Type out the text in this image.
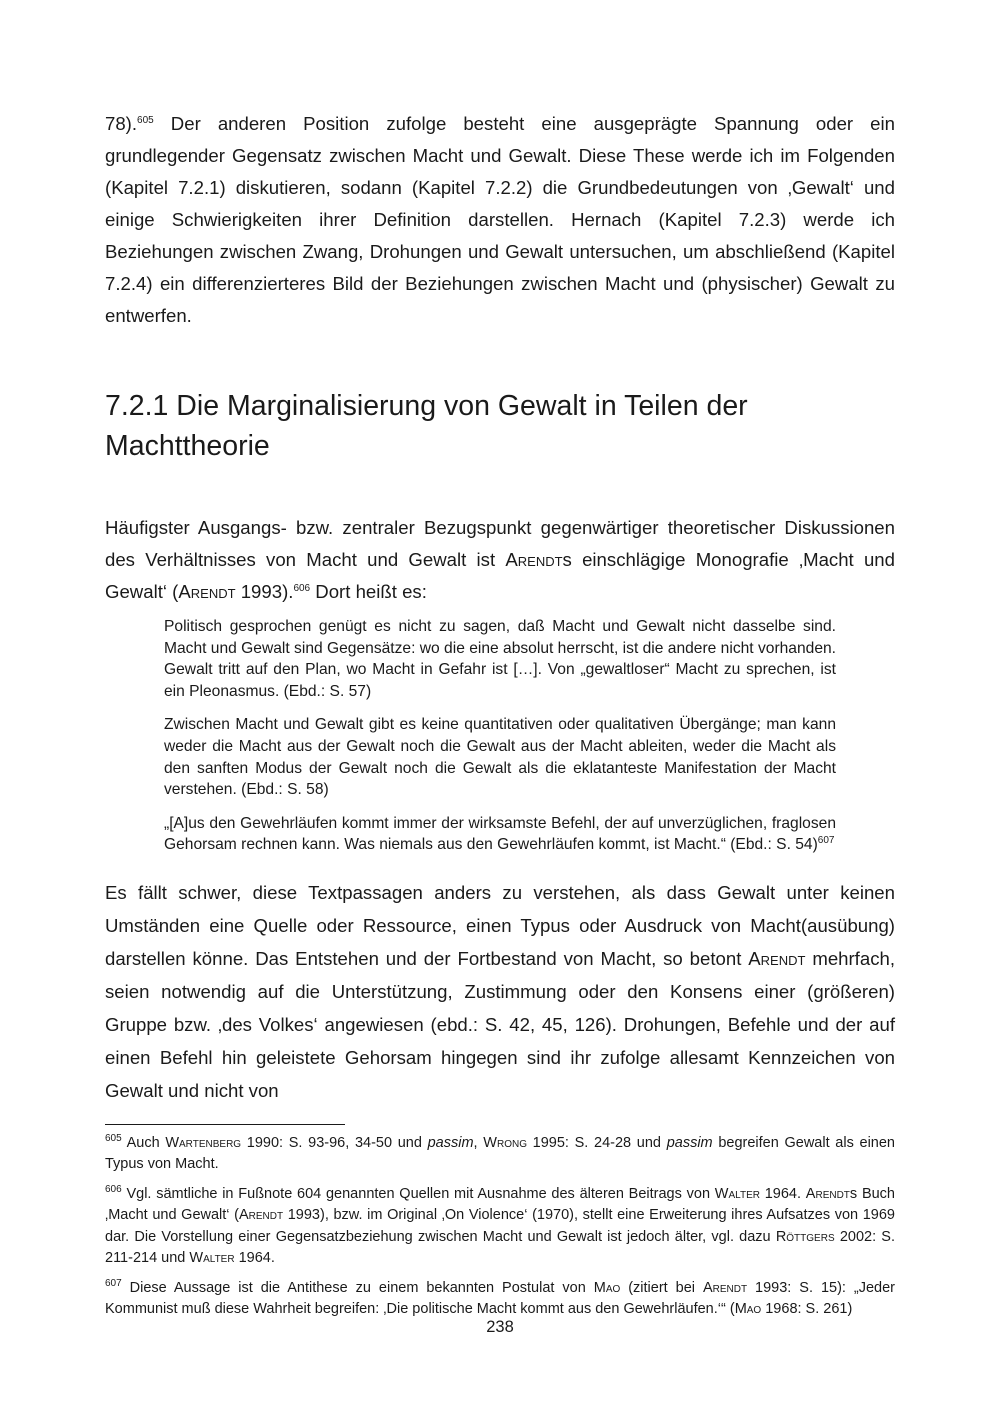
78).$^{605}$ Der anderen Position zufolge besteht eine ausgeprägte Spannung oder ein grundlegender Gegensatz zwischen Macht und Gewalt. Diese These werde ich im Folgenden (Kapitel 7.2.1) diskutieren, sodann (Kapitel 7.2.2) die Grundbedeutungen von ‚Gewalt‘ und einige Schwierigkeiten ihrer Definition darstellen. Hernach (Kapitel 7.2.3) werde ich Beziehungen zwischen Zwang, Drohungen und Gewalt untersuchen, um abschließend (Kapitel 7.2.4) ein differenzierteres Bild der Beziehungen zwischen Macht und (physischer) Gewalt zu entwerfen.

7.2.1 Die Marginalisierung von Gewalt in Teilen der Machttheorie

Häufigster Ausgangs- bzw. zentraler Bezugspunkt gegenwärtiger theoretischer Diskussionen des Verhältnisses von Macht und Gewalt ist Arendts einschlägige Monografie ‚Macht und Gewalt‘ (Arendt 1993).$^{606}$ Dort heißt es:

Politisch gesprochen genügt es nicht zu sagen, daß Macht und Gewalt nicht dasselbe sind. Macht und Gewalt sind Gegensätze: wo die eine absolut herrscht, ist die andere nicht vorhanden. Gewalt tritt auf den Plan, wo Macht in Gefahr ist […]. Von „gewaltloser“ Macht zu sprechen, ist ein Pleonasmus. (Ebd.: S. 57)

Zwischen Macht und Gewalt gibt es keine quantitativen oder qualitativen Übergänge; man kann weder die Macht aus der Gewalt noch die Gewalt aus der Macht ableiten, weder die Macht als den sanften Modus der Gewalt noch die Gewalt als die eklatanteste Manifestation der Macht verstehen. (Ebd.: S. 58)

„[A]us den Gewehrläufen kommt immer der wirksamste Befehl, der auf unverzüglichen, fraglosen Gehorsam rechnen kann. Was niemals aus den Gewehrläufen kommt, ist Macht.“ (Ebd.: S. 54)$^{607}$

Es fällt schwer, diese Textpassagen anders zu verstehen, als dass Gewalt unter keinen Umständen eine Quelle oder Ressource, einen Typus oder Ausdruck von Macht(ausübung) darstellen könne. Das Entstehen und der Fortbestand von Macht, so betont Arendt mehrfach, seien notwendig auf die Unterstützung, Zustimmung oder den Konsens einer (größeren) Gruppe bzw. ‚des Volkes‘ angewiesen (ebd.: S. 42, 45, 126). Drohungen, Befehle und der auf einen Befehl hin geleistete Gehorsam hingegen sind ihr zufolge allesamt Kennzeichen von Gewalt und nicht von

$^{605}$ Auch Wartenberg 1990: S. 93-96, 34-50 und passim, Wrong 1995: S. 24-28 und passim begreifen Gewalt als einen Typus von Macht.

$^{606}$ Vgl. sämtliche in Fußnote 604 genannten Quellen mit Ausnahme des älteren Beitrags von Walter 1964. Arendts Buch ‚Macht und Gewalt‘ (Arendt 1993), bzw. im Original ‚On Violence‘ (1970), stellt eine Erweiterung ihres Aufsatzes von 1969 dar. Die Vorstellung einer Gegensatzbeziehung zwischen Macht und Gewalt ist jedoch älter, vgl. dazu Röttgers 2002: S. 211-214 und Walter 1964.

$^{607}$ Diese Aussage ist die Antithese zu einem bekannten Postulat von Mao (zitiert bei Arendt 1993: S. 15): „Jeder Kommunist muß diese Wahrheit begreifen: ‚Die politische Macht kommt aus den Gewehrläufen.‘“ (Mao 1968: S. 261)

238
